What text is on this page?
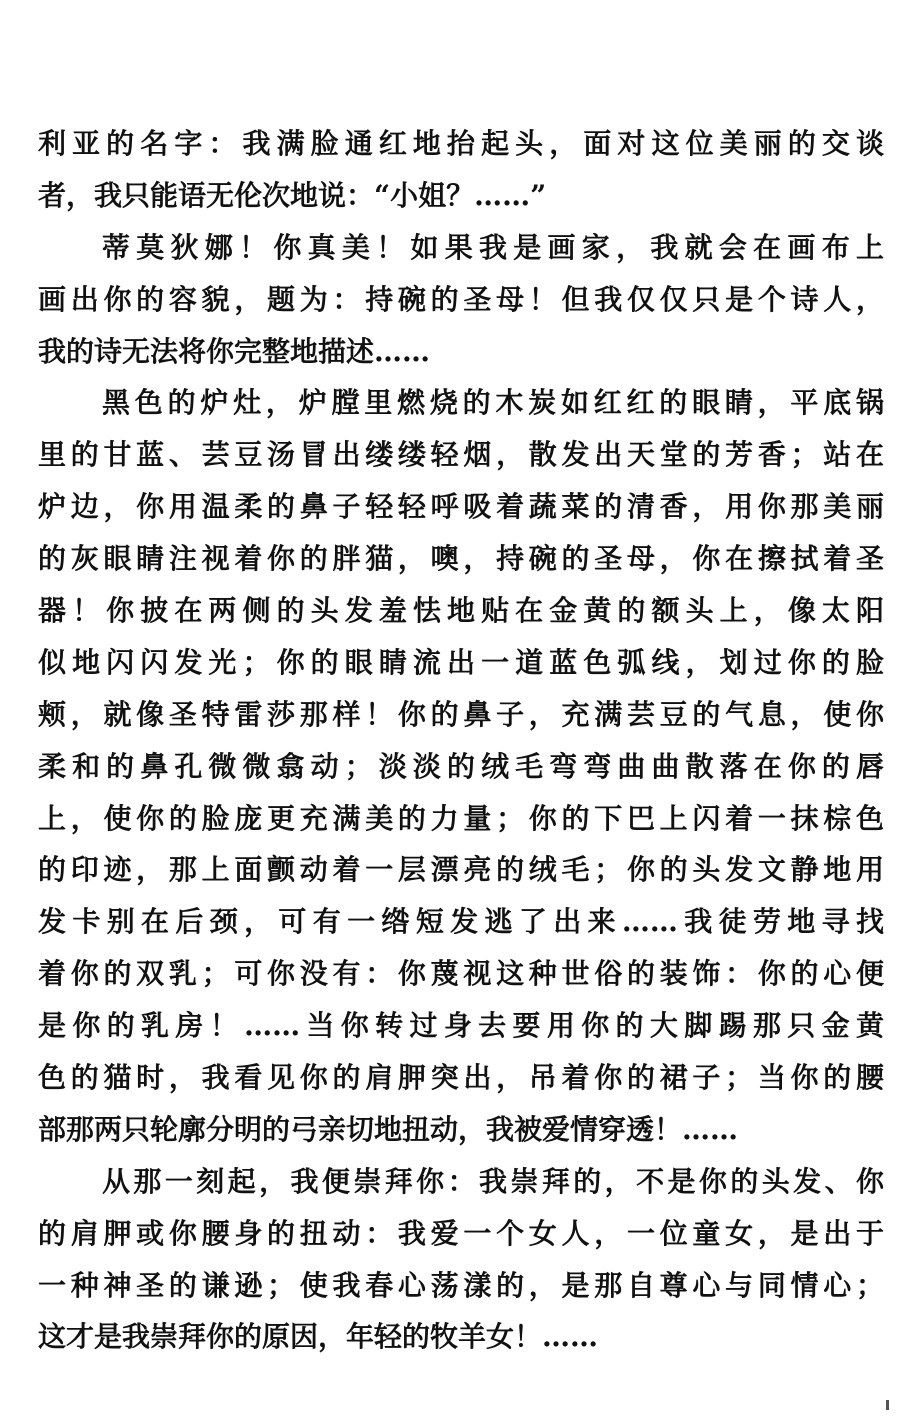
利亚的名字：我满脸通红地抬起头，面对这位美丽的交谈
者，我只能语无伦次地说：“小姐？……”
蒂莫狄娜！你真美！如果我是画家，我就会在画布上
画出你的容貌，题为：持碗的圣母！但我仅仅只是个诗人，
我的诗无法将你完整地描述……
黑色的炉灶，炉膛里燃烧的木炭如红红的眼睛，平底锅
里的甘蓝、芸豆汤冒出缕缕轻烟，散发出天堂的芳香；站在
炉边，你用温柔的鼻子轻轻呼吸着蔬菜的清香，用你那美丽
的灰眼睛注视着你的胖猫，噢，持碗的圣母，你在擦拭着圣
器！你披在两侧的头发羞怯地贴在金黄的额头上，像太阳
似地闪闪发光；你的眼睛流出一道蓝色弧线，划过你的脸
颊，就像圣特雷莎那样！你的鼻子，充满芸豆的气息，使你
柔和的鼻孔微微翕动；淡淡的绒毛弯弯曲曲散落在你的唇
上，使你的脸庞更充满美的力量；你的下巴上闪着一抹棕色
的印迹，那上面颤动着一层漂亮的绒毛；你的头发文静地用
发卡别在后颈，可有一绺短发逃了出来……我徒劳地寻找
着你的双乳；可你没有：你蔑视这种世俗的装饰：你的心便
是你的乳房！……当你转过身去要用你的大脚踢那只金黄
色的猫时，我看见你的肩胛突出，吊着你的裙子；当你的腰
部那两只轮廓分明的弓亲切地扭动，我被爱情穿透！……
从那一刻起，我便崇拜你：我崇拜的，不是你的头发、你
的肩胛或你腰身的扭动：我爱一个女人，一位童女，是出于
一种神圣的谦逊；使我春心荡漾的，是那自尊心与同情心；
这才是我崇拜你的原因，年轻的牧羊女！……
